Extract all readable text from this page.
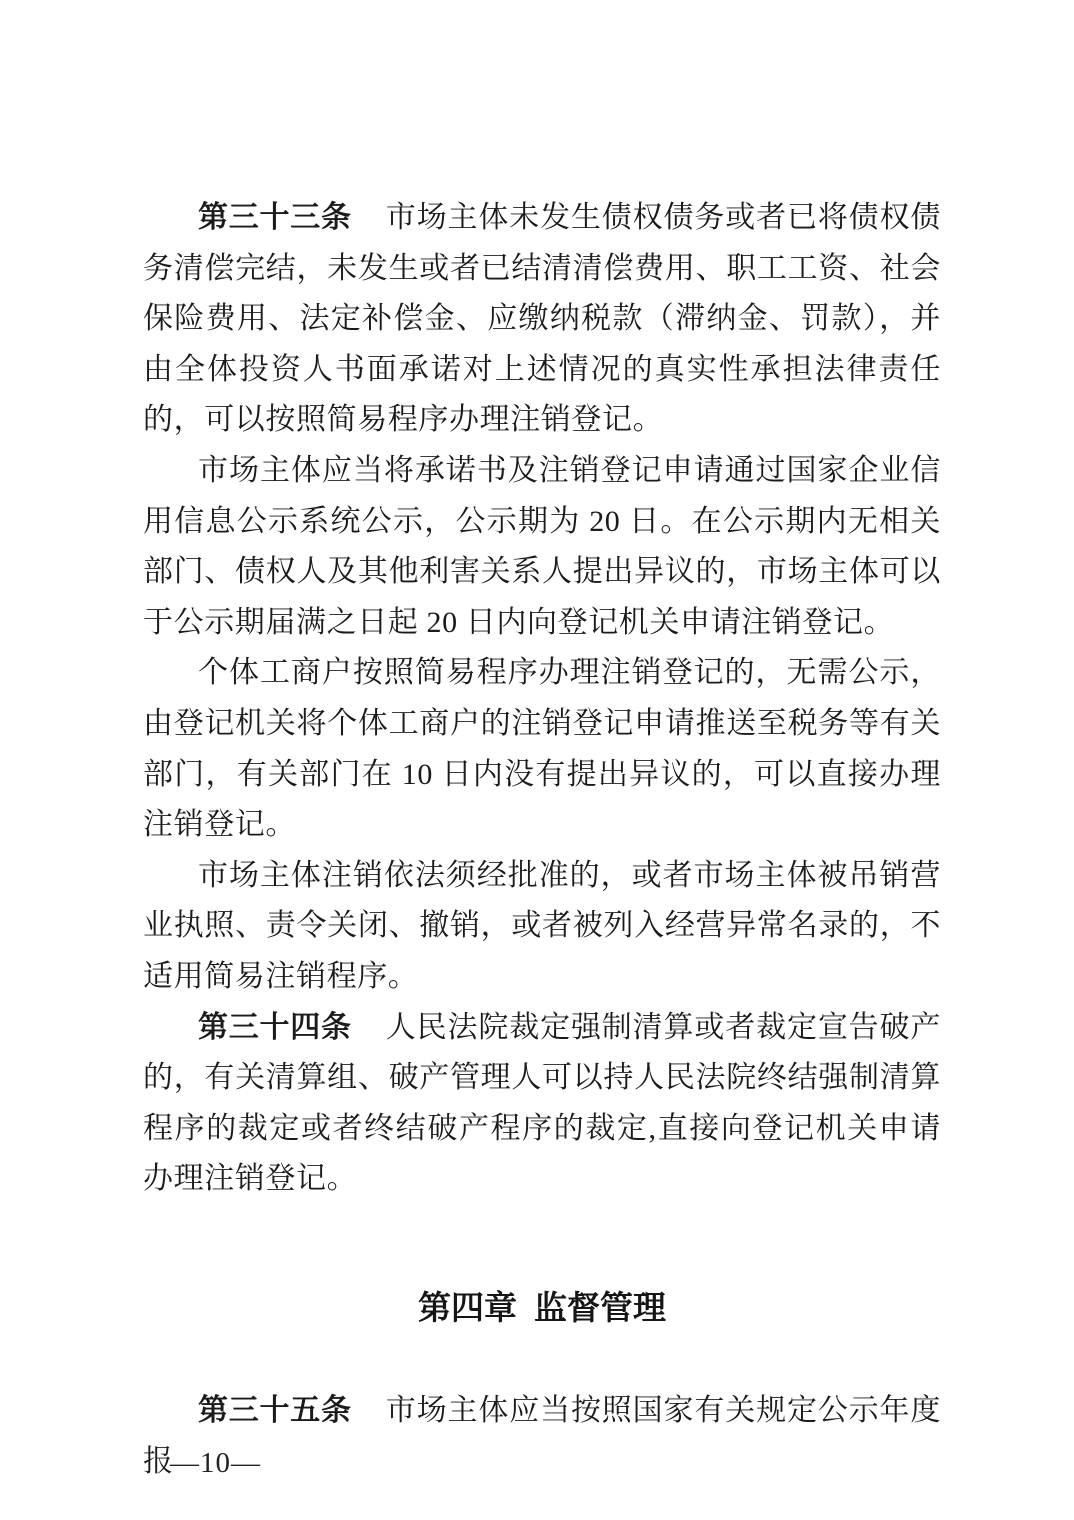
第三十三条 市场主体未发生债权债务或者已将债权债务清偿完结，未发生或者已结清清偿费用、职工工资、社会保险费用、法定补偿金、应缴纳税款（滞纳金、罚款），并由全体投资人书面承诺对上述情况的真实性承担法律责任的，可以按照简易程序办理注销登记。

市场主体应当将承诺书及注销登记申请通过国家企业信用信息公示系统公示，公示期为 20 日。在公示期内无相关部门、债权人及其他利害关系人提出异议的，市场主体可以于公示期届满之日起 20 日内向登记机关申请注销登记。

个体工商户按照简易程序办理注销登记的，无需公示，由登记机关将个体工商户的注销登记申请推送至税务等有关部门，有关部门在 10 日内没有提出异议的，可以直接办理注销登记。

市场主体注销依法须经批准的，或者市场主体被吊销营业执照、责令关闭、撤销，或者被列入经营异常名录的，不适用简易注销程序。

第三十四条 人民法院裁定强制清算或者裁定宣告破产的，有关清算组、破产管理人可以持人民法院终结强制清算程序的裁定或者终结破产程序的裁定,直接向登记机关申请办理注销登记。

第四章 监督管理

第三十五条 市场主体应当按照国家有关规定公示年度报

—10—
